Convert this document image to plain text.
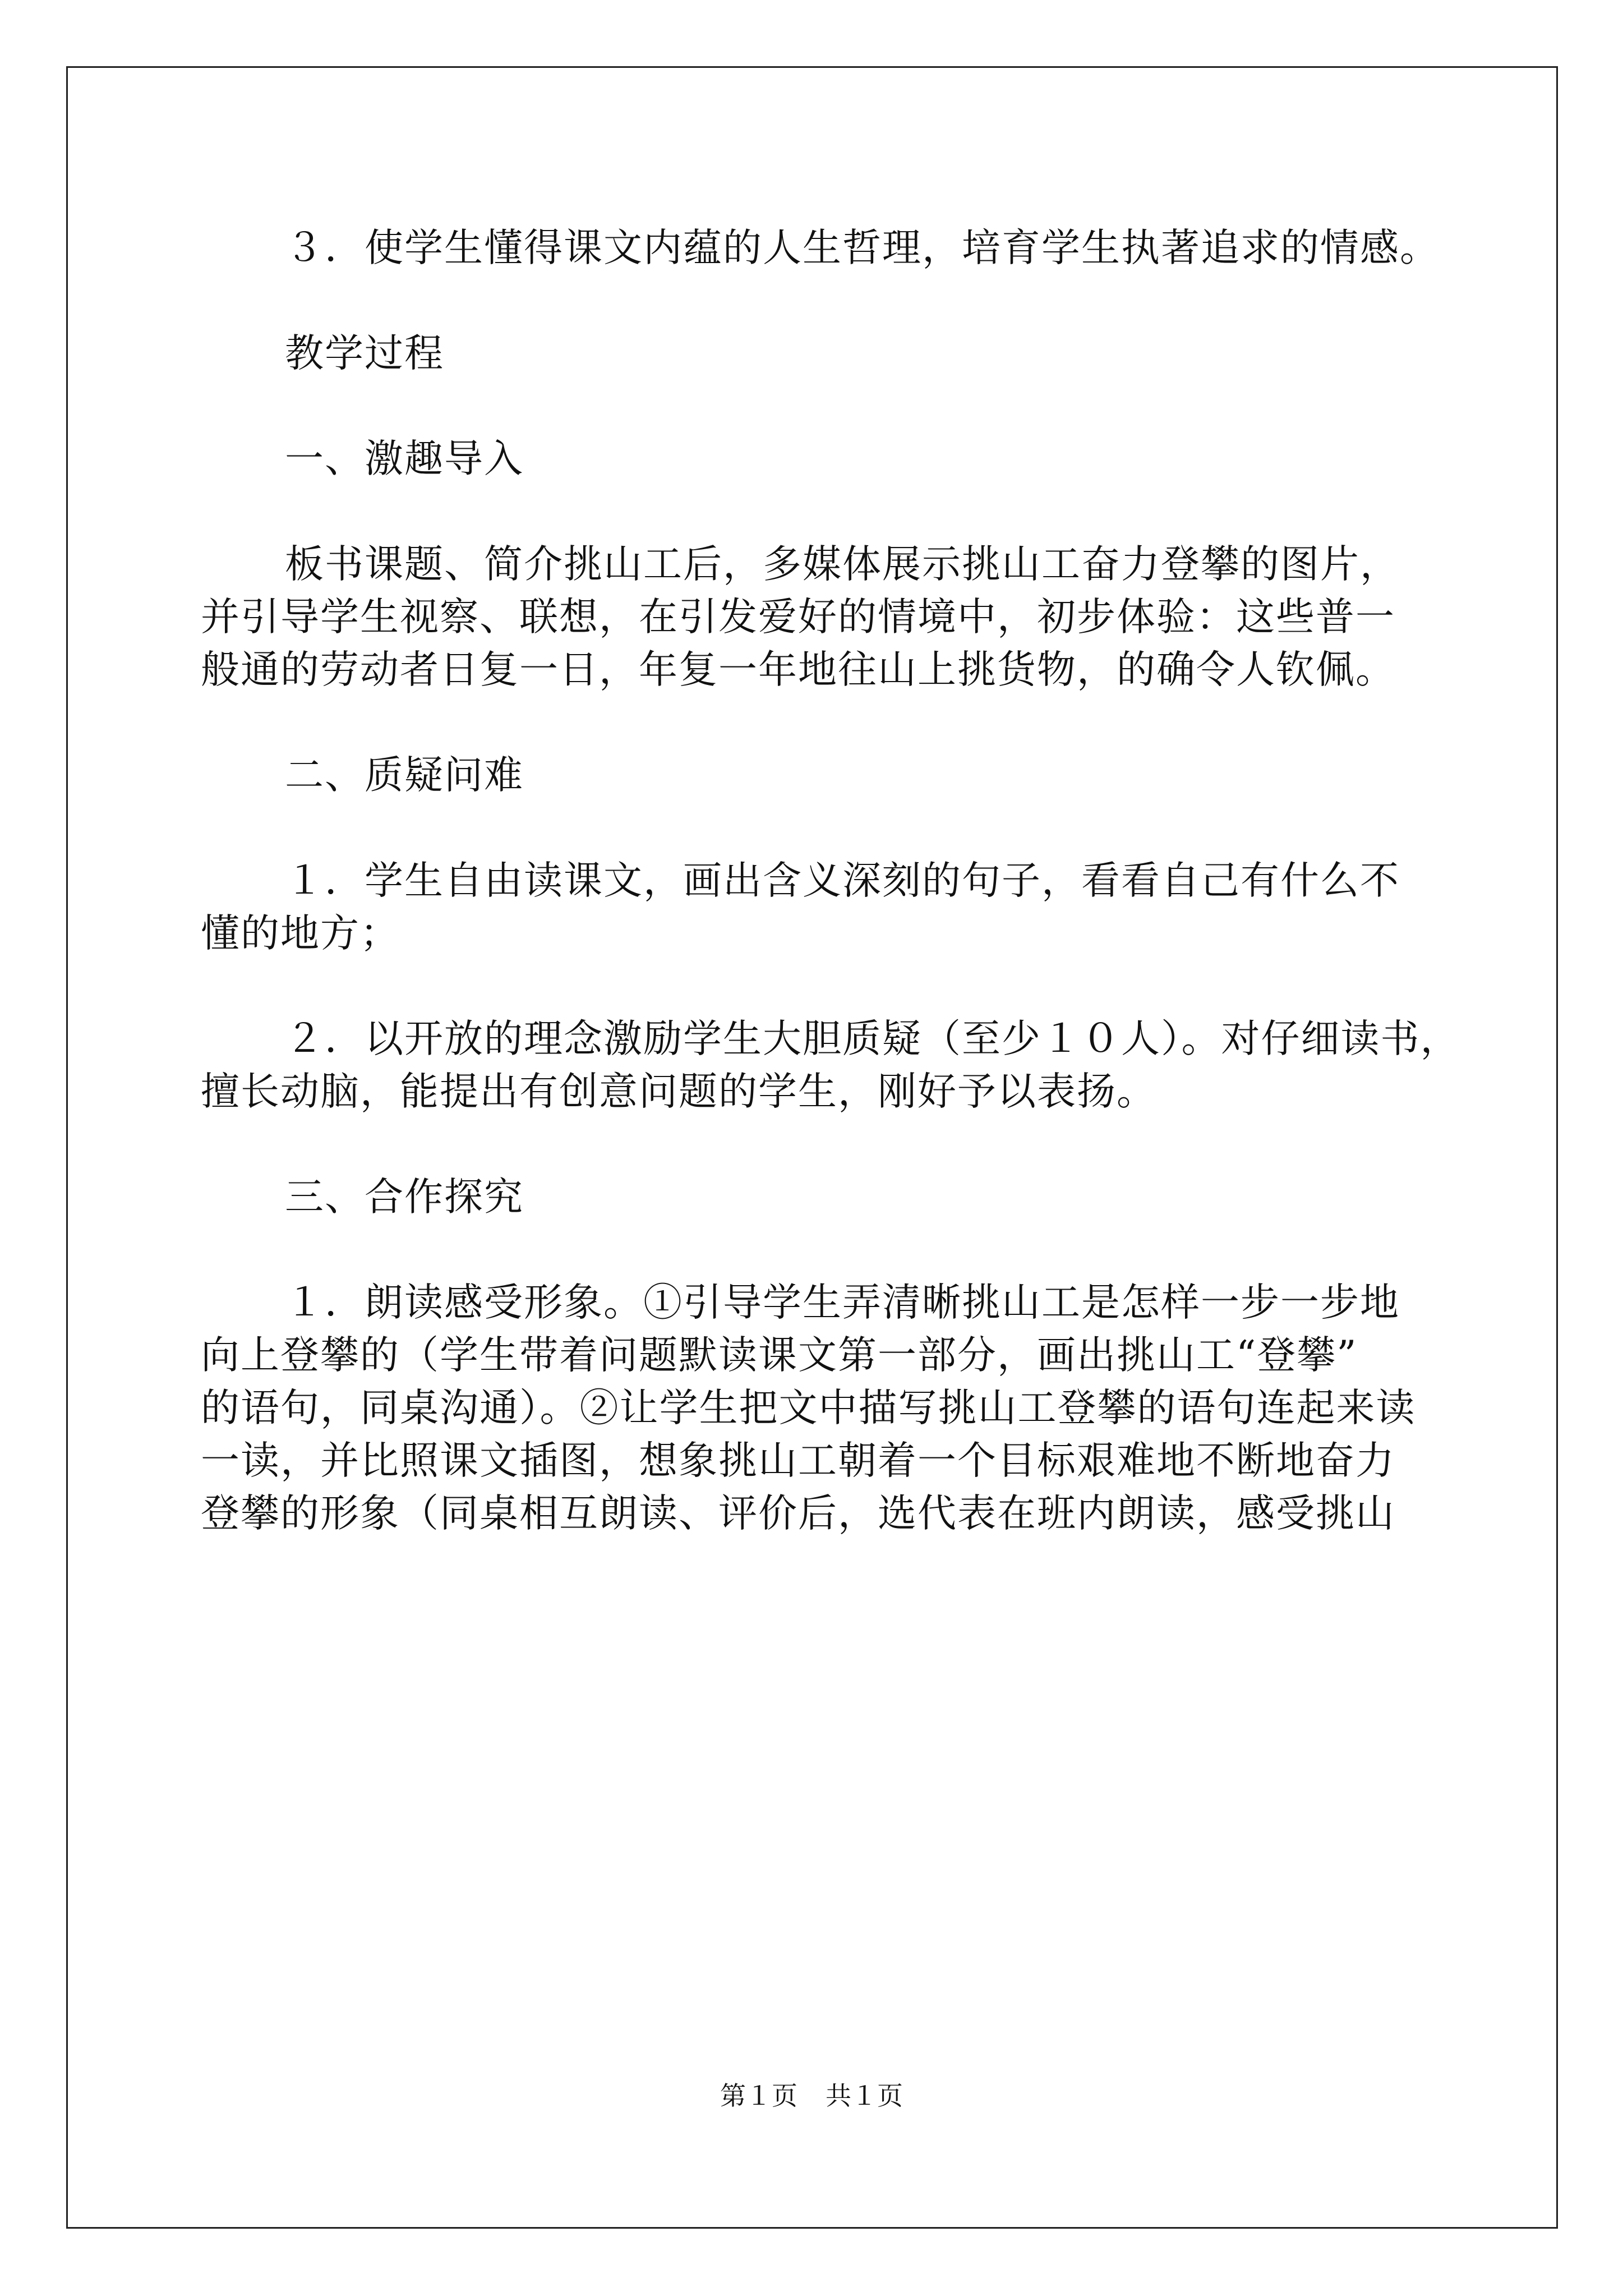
３．使学生懂得课文内蕴的人生哲理，培育学生执著追求的情感。

教学过程

一、激趣导入

板书课题、简介挑山工后，多媒体展示挑山工奋力登攀的图片，
并引导学生视察、联想，在引发爱好的情境中，初步体验：这些普一
般通的劳动者日复一日，年复一年地往山上挑货物，的确令人钦佩。

二、质疑问难

１．学生自由读课文，画出含义深刻的句子，看看自己有什么不
懂的地方；

２．以开放的理念激励学生大胆质疑（至少１０人）。对仔细读书，
擅长动脑，能提出有创意问题的学生，刚好予以表扬。

三、合作探究

１．朗读感受形象。①引导学生弄清晰挑山工是怎样一步一步地
向上登攀的（学生带着问题默读课文第一部分，画出挑山工“登攀”
的语句，同桌沟通）。②让学生把文中描写挑山工登攀的语句连起来读
一读，并比照课文插图，想象挑山工朝着一个目标艰难地不断地奋力
登攀的形象（同桌相互朗读、评价后，选代表在班内朗读，感受挑山

第１页 共１页
